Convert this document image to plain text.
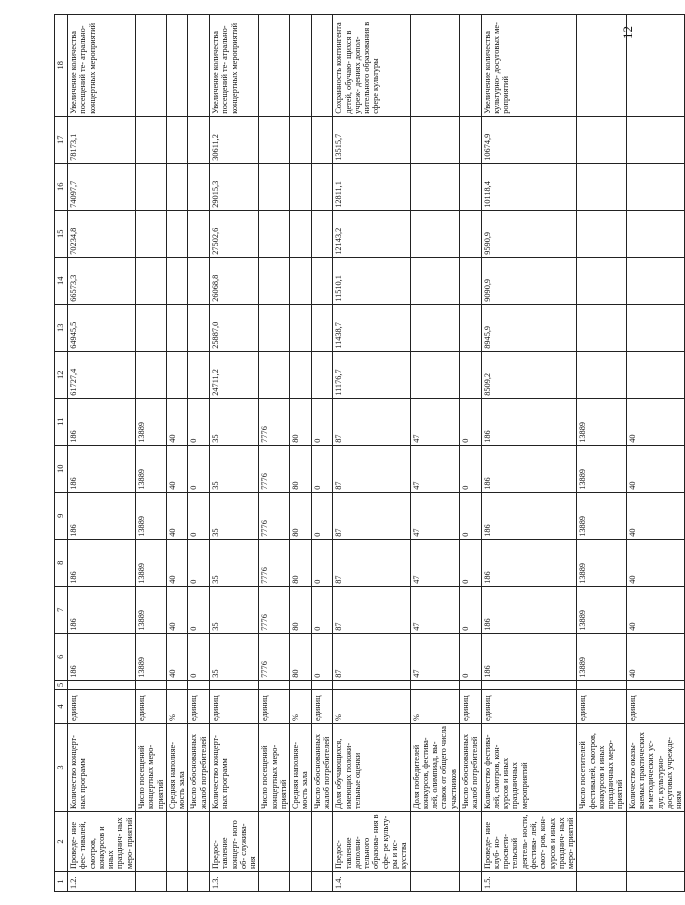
12
1	2	3	4	5	6	7	8	9	10	11	12	13	14	15	16	17	18
1.2.	Проведе- ние фес- тивалей, смотров, конкурсов и иных празднич- ных меро- приятий	Количество концерт- ных программ	единиц		186	186	186	186	186	186	61727,4	64945,5	66573,3	70234,8	74097,7	78173,1	Увеличение количества посещений те- атрально- концертных мероприятий
		Число посещений концертных меро- приятий	единиц		13889	13889	13889	13889	13889	13889							
		Средняя наполняе- мость зала	%		40	40	40	40	40	40							
		Число обоснованных жалоб потребителей	единиц		0	0	0	0	0	0							
1.3.	Предос- тавление концерт- ного об- служива- ния	Количество концерт- ных программ	единиц		35	35	35	35	35	35	24711,2	25887,0	26068,8	27502,6	29015,3	30611,2	Увеличение количества посещений те- атрально- концертных мероприятий
		Число посещений концертных меро- приятий	единиц		7776	7776	7776	7776	7776	7776							
		Средняя наполняе- мость зала	%		80	80	80	80	80	80							
		Число обоснованных жалоб потребителей	единиц		0	0	0	0	0	0							
1.4.	Предос- тавление дополни- тельного образова- ния в сфе- ре культу- ры и ис- кусства	Доля обучающихся, имеющих положи- тельные оценки	%		87	87	87	87	87	87	11176,7	11438,7	11510,1	12143,2	12811,1	13515,7	Сохранность контингента детей, обучаю- щихся в учреж- дениях допол- нительного образования в сфере культуры
		Доля победителей конкурсов, фестива- лей, олимпиад, вы- ставок от общего числа участников	%		47	47	47	47	47	47							
		Число обоснованных жалоб потребителей	единиц		0	0	0	0	0	0							
1.5.	Проведе- ние клуб- но- просвети- тельской деятель- ности, фестива- лей, смот- ров, кон- курсов и иных празднич- ных меро- приятий	Количество фестива- лей, смотров, кон- курсов и иных праздничных мероприятий	единиц		186	186	186	186	186	186	8509,2	8945,9	9090,9	9590,9	10118,4	10674,9	Увеличение количества культурно- досуговых ме- роприятий
		Число посетителей фестивалей, смотров, конкурсов и иных праздничных меро- приятий	единиц		13889	13889	13889	13889	13889	13889							
		Количество оказы- ваемых практических и методических ус- луг, культурно- досуговых учрежде- ниям	единиц		40	40	40	40	40	40							
